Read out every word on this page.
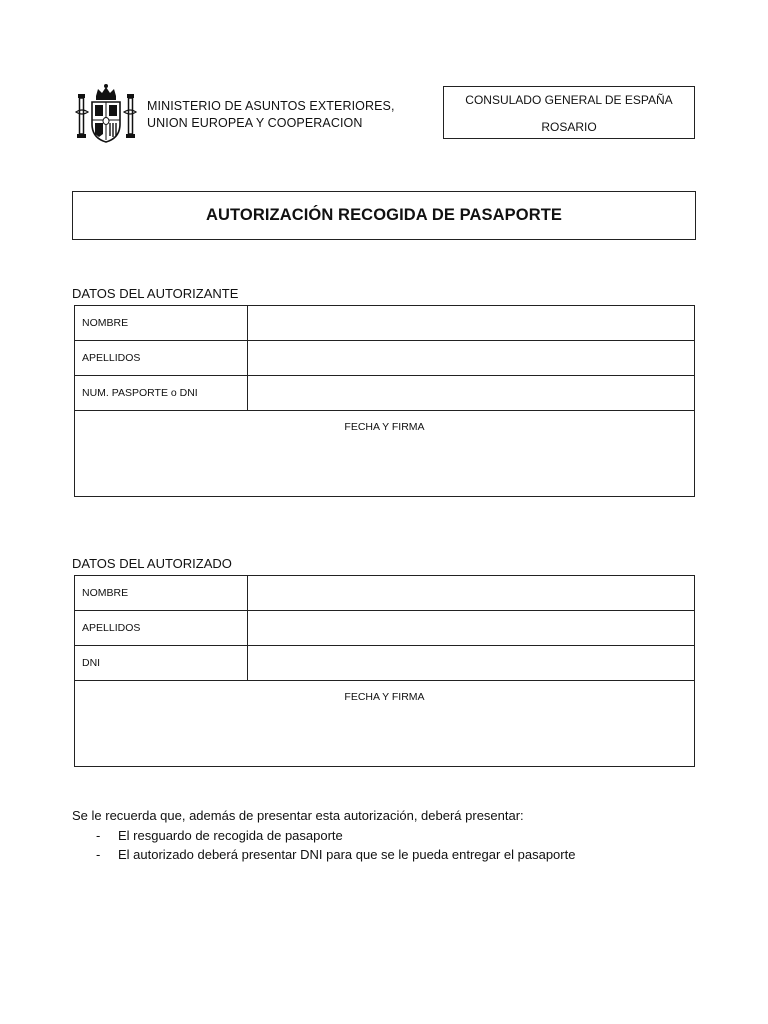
MINISTERIO DE ASUNTOS EXTERIORES,
UNION EUROPEA Y COOPERACION
CONSULADO GENERAL DE ESPAÑA
ROSARIO
AUTORIZACIÓN RECOGIDA DE PASAPORTE
DATOS DEL AUTORIZANTE
NOMBRE	
APELLIDOS	
NUM. PASPORTE o DNI	
FECHA Y FIRMA	
DATOS DEL AUTORIZADO
NOMBRE	
APELLIDOS	
DNI	
FECHA Y FIRMA	
Se le recuerda que, además de presentar esta autorización, deberá presentar:
- El resguardo de recogida de pasaporte
- El autorizado deberá presentar DNI para que se le pueda entregar el pasaporte
